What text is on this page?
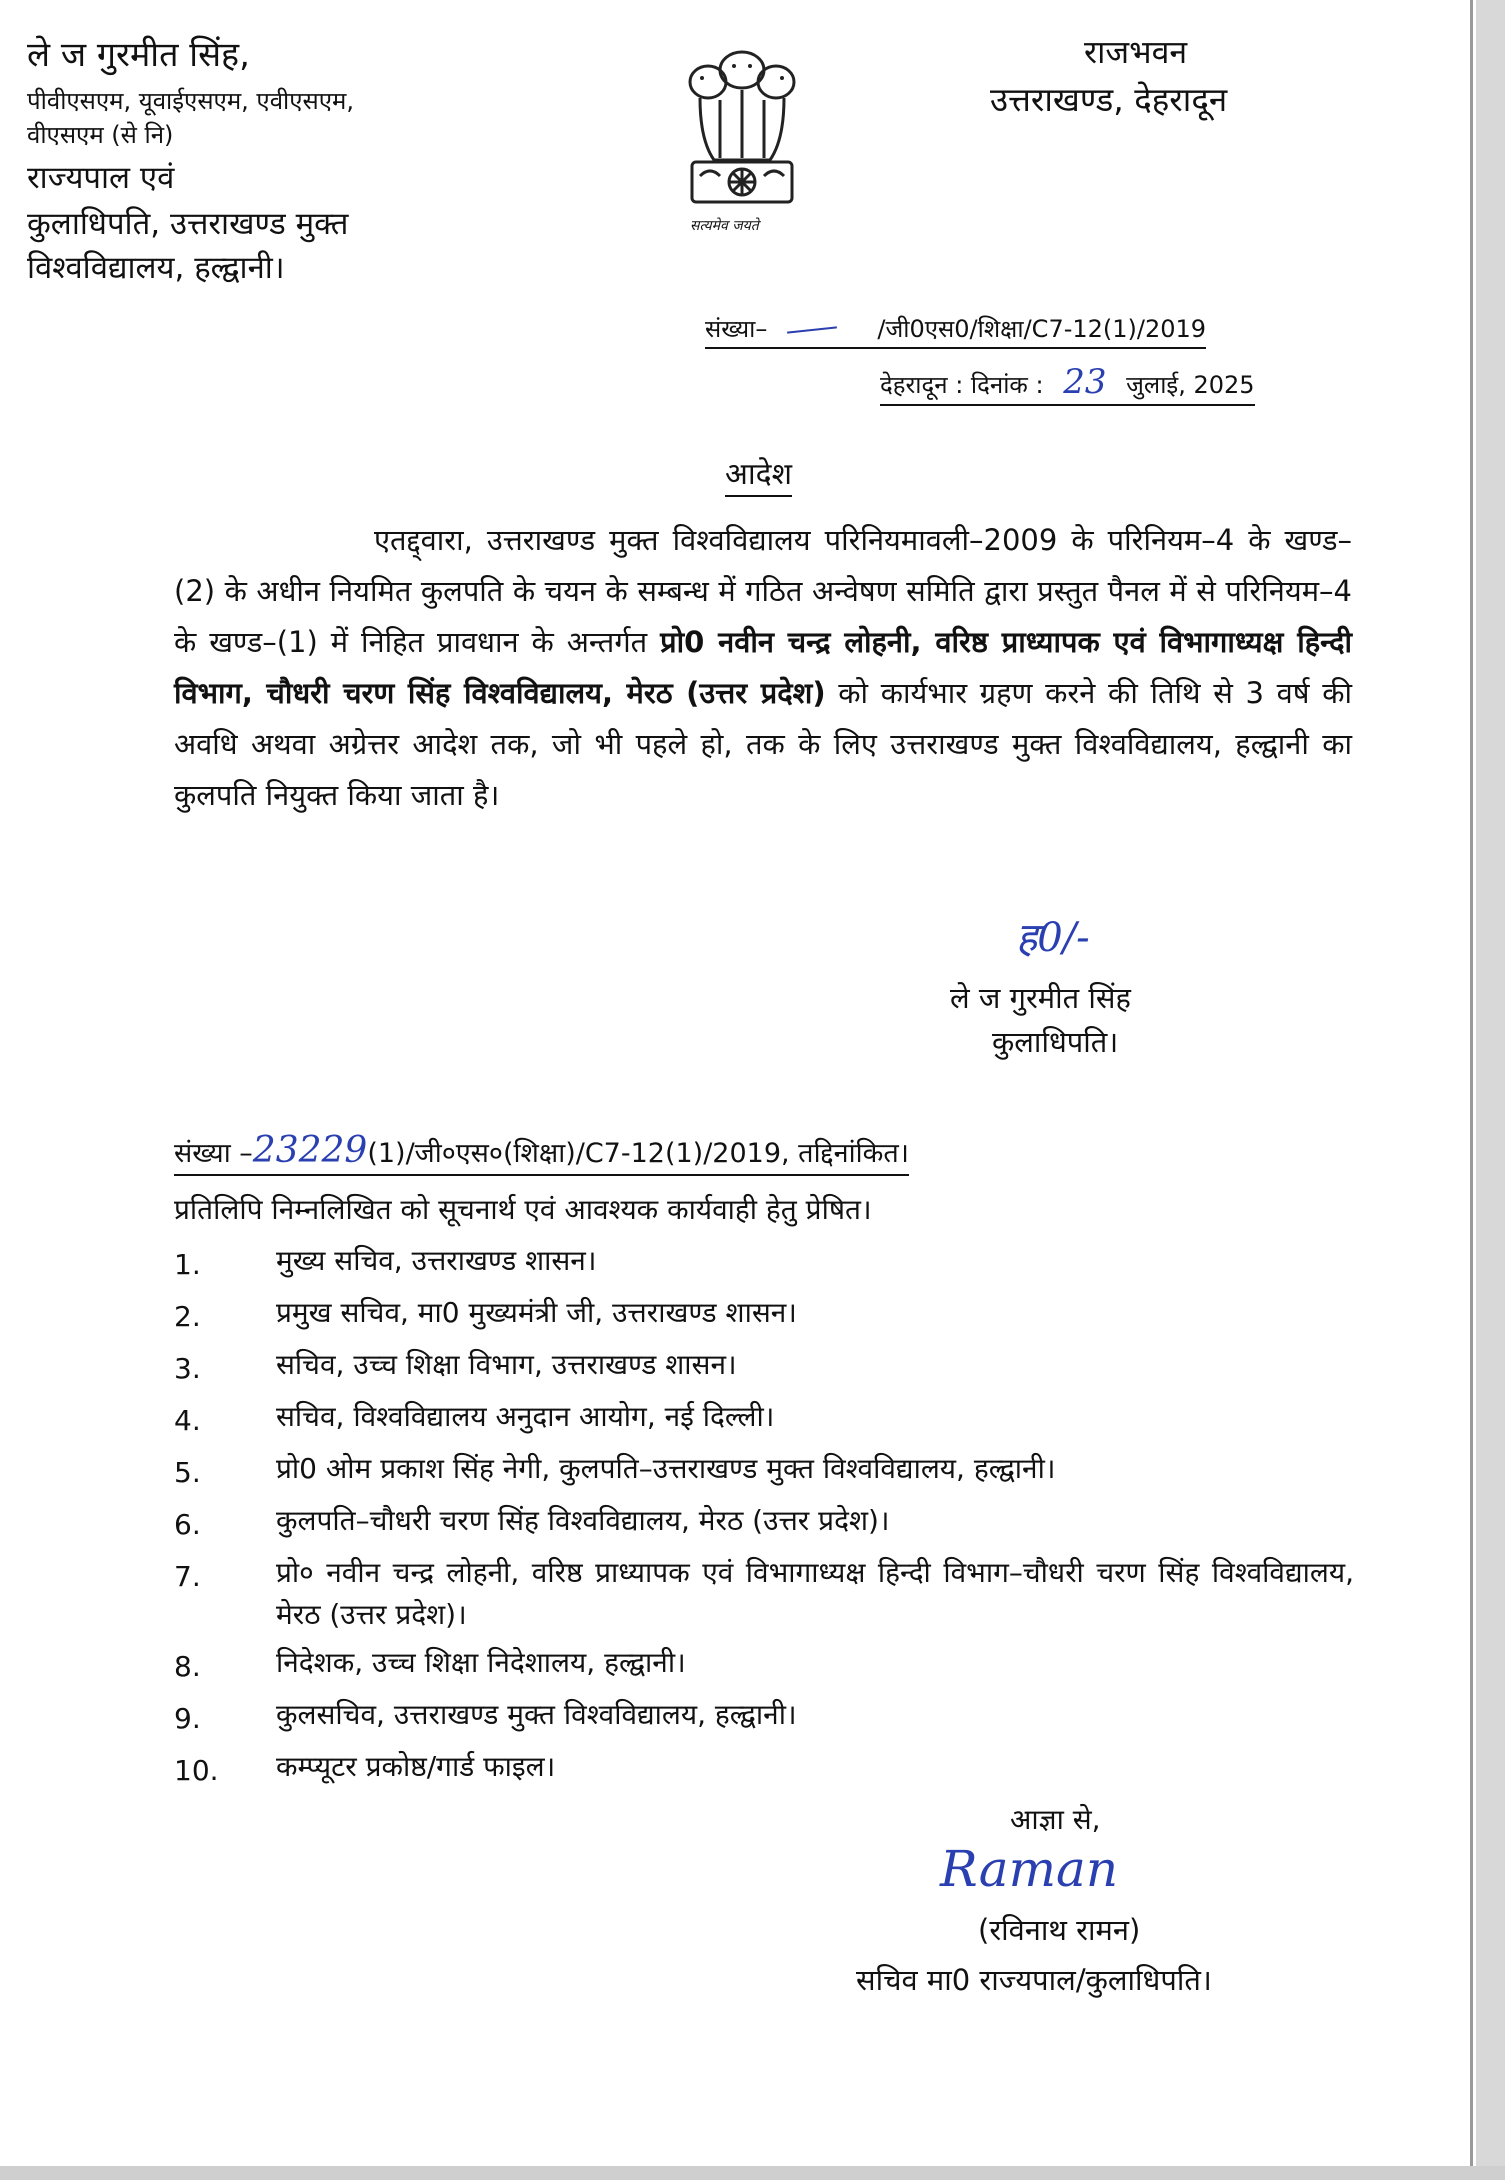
ले ज गुरमीत सिंह,
पीवीएसएम, यूवाईएसएम, एवीएसएम,
वीएसएम (से नि)
राज्यपाल एवं
कुलाधिपति, उत्तराखण्ड मुक्त
विश्वविद्यालय, हल्द्वानी।
सत्यमेव जयते
राजभवन
उत्तराखण्ड, देहरादून
संख्या–	/जी0एस0/शिक्षा/C7-12(1)/2019
देहरादून : दिनांक : 23 जुलाई, 2025
आदेश
एतद्द्वारा, उत्तराखण्ड मुक्त विश्वविद्यालय परिनियमावली–2009 के परिनियम–4 के खण्ड–(2) के अधीन नियमित कुलपति के चयन के सम्बन्ध में गठित अन्वेषण समिति द्वारा प्रस्तुत पैनल में से परिनियम–4 के खण्ड–(1) में निहित प्रावधान के अन्तर्गत प्रो0 नवीन चन्द्र लोहनी, वरिष्ठ प्राध्यापक एवं विभागाध्यक्ष हिन्दी विभाग, चौधरी चरण सिंह विश्वविद्यालय, मेरठ (उत्तर प्रदेश) को कार्यभार ग्रहण करने की तिथि से 3 वर्ष की अवधि अथवा अग्रेत्तर आदेश तक, जो भी पहले हो, तक के लिए उत्तराखण्ड मुक्त विश्वविद्यालय, हल्द्वानी का कुलपति नियुक्त किया जाता है।
ह0/-
ले ज गुरमीत सिंह
कुलाधिपति।
संख्या –23229(1)/जी०एस०(शिक्षा)/C7-12(1)/2019, तद्दिनांकित।
प्रतिलिपि निम्नलिखित को सूचनार्थ एवं आवश्यक कार्यवाही हेतु प्रेषित।
1.	मुख्य सचिव, उत्तराखण्ड शासन।
2.	प्रमुख सचिव, मा0 मुख्यमंत्री जी, उत्तराखण्ड शासन।
3.	सचिव, उच्च शिक्षा विभाग, उत्तराखण्ड शासन।
4.	सचिव, विश्वविद्यालय अनुदान आयोग, नई दिल्ली।
5.	प्रो0 ओम प्रकाश सिंह नेगी, कुलपति–उत्तराखण्ड मुक्त विश्वविद्यालय, हल्द्वानी।
6.	कुलपति–चौधरी चरण सिंह विश्वविद्यालय, मेरठ (उत्तर प्रदेश)।
7.	प्रो० नवीन चन्द्र लोहनी, वरिष्ठ प्राध्यापक एवं विभागाध्यक्ष हिन्दी विभाग–चौधरी चरण सिंह विश्वविद्यालय, मेरठ (उत्तर प्रदेश)।
8.	निदेशक, उच्च शिक्षा निदेशालय, हल्द्वानी।
9.	कुलसचिव, उत्तराखण्ड मुक्त विश्वविद्यालय, हल्द्वानी।
10.	कम्प्यूटर प्रकोष्ठ/गार्ड फाइल।
आज्ञा से,
Raman
(रविनाथ रामन)
सचिव मा0 राज्यपाल/कुलाधिपति।
